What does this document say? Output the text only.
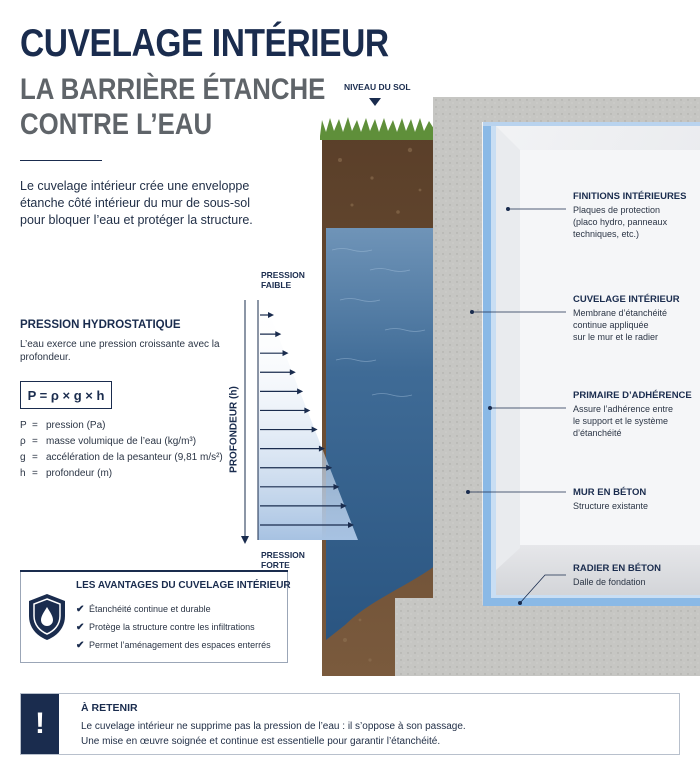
CUVELAGE INTÉRIEUR
LA BARRIÈRE ÉTANCHE
CONTRE L’EAU
Le cuvelage intérieur crée une enveloppe étanche côté intérieur du mur de sous-sol pour bloquer l’eau et protéger la structure.
NIVEAU DU SOL
PRESSION
FAIBLE
PRESSION
FORTE
PROFONDEUR (h)
PRESSION HYDROSTATIQUE
L’eau exerce une pression croissante avec la profondeur.
P = ρ × g × h
P = pression (Pa)
ρ = masse volumique de l’eau (kg/m³)
g = accélération de la pesanteur (9,81 m/s²)
h = profondeur (m)
FINITIONS INTÉRIEURES
Plaques de protection
(placo hydro, panneaux
techniques, etc.)
CUVELAGE INTÉRIEUR
Membrane d’étanchéité
continue appliquée
sur le mur et le radier
PRIMAIRE D’ADHÉRENCE
Assure l’adhérence entre
le support et le système
d’étanchéité
MUR EN BÉTON
Structure existante
RADIER EN BÉTON
Dalle de fondation
LES AVANTAGES DU CUVELAGE INTÉRIEUR
✔ Étanchéité continue et durable
✔ Protège la structure contre les infiltrations
✔ Permet l’aménagement des espaces enterrés
!	À RETENIR
Le cuvelage intérieur ne supprime pas la pression de l’eau : il s’oppose à son passage.
Une mise en œuvre soignée et continue est essentielle pour garantir l’étanchéité.
